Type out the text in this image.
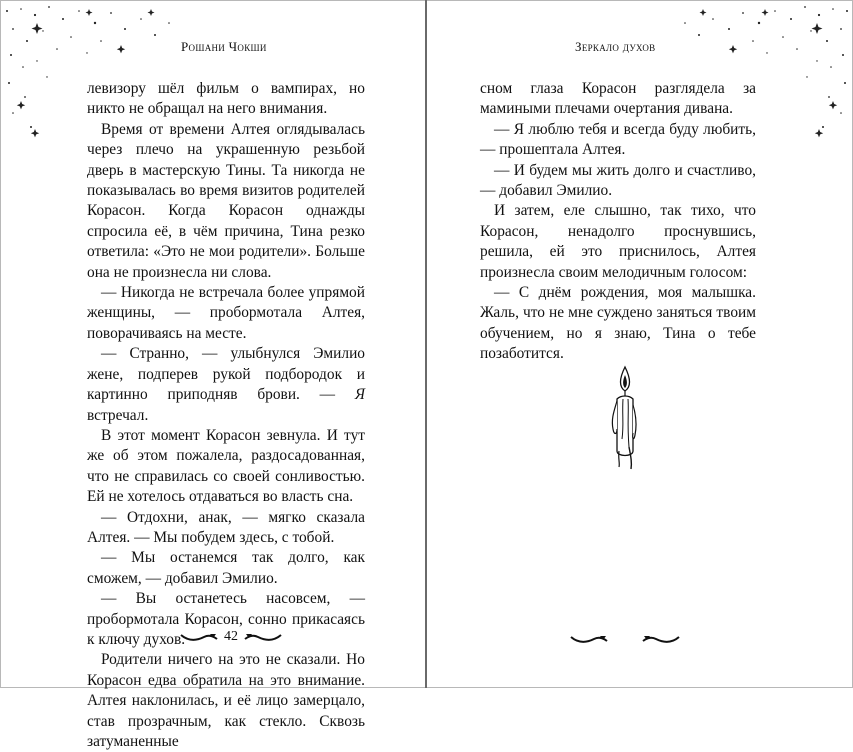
Рошани Чокши

левизору шёл фильм о вампирах, но никто не обращал на него внимания.

Время от времени Алтея оглядывалась через плечо на украшенную резьбой дверь в мастерскую Тины. Та никогда не показывалась во время визитов родителей Корасон. Когда Корасон однажды спросила её, в чём причина, Тина резко ответила: «Это не мои родители». Больше она не произнесла ни слова.

— Никогда не встречала более упрямой женщины, — пробормотала Алтея, поворачиваясь на месте.

— Странно, — улыбнулся Эмилио жене, подперев рукой подбородок и картинно приподняв брови. — Я встречал.

В этот момент Корасон зевнула. И тут же об этом пожалела, раздосадованная, что не справилась со своей сонливостью. Ей не хотелось отдаваться во власть сна.

— Отдохни, анак, — мягко сказала Алтея. — Мы побудем здесь, с тобой.

— Мы останемся так долго, как сможем, — добавил Эмилио.

— Вы останетесь насовсем, — пробормотала Корасон, сонно прикасаясь к ключу духов.

Родители ничего на это не сказали. Но Корасон едва обратила на это внимание. Алтея наклонилась, и её лицо замерцало, став прозрачным, как стекло. Сквозь затуманенные

42
Зеркало духов

сном глаза Корасон разглядела за мамиными плечами очертания дивана.

— Я люблю тебя и всегда буду любить, — прошептала Алтея.

— И будем мы жить долго и счастливо, — добавил Эмилио.

И затем, еле слышно, так тихо, что Корасон, ненадолго проснувшись, решила, ей это приснилось, Алтея произнесла своим мелодичным голосом:

— С днём рождения, моя малышка. Жаль, что не мне суждено заняться твоим обучением, но я знаю, Тина о тебе позаботится.
